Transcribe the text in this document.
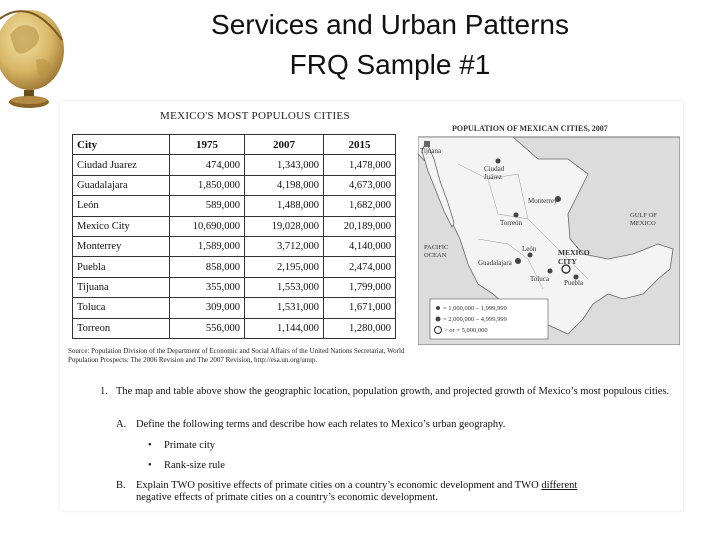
Services and Urban Patterns
FRQ Sample #1
MEXICO'S MOST POPULOUS CITIES
City	1975	2007	2015
Ciudad Juarez	474,000	1,343,000	1,478,000
Guadalajara	1,850,000	4,198,000	4,673,000
León	589,000	1,488,000	1,682,000
Mexico City	10,690,000	19,028,000	20,189,000
Monterrey	1,589,000	3,712,000	4,140,000
Puebla	858,000	2,195,000	2,474,000
Tijuana	355,000	1,553,000	1,799,000
Toluca	309,000	1,531,000	1,671,000
Torreon	556,000	1,144,000	1,280,000
Source: Population Division of the Department of Economic and Social Affairs of the United Nations Secretariat, World Population Prospects: The 2006 Revision and The 2007 Revision, http://esa.un.org/unup.
POPULATION OF MEXICAN CITIES, 2007
Tijuana
Ciudad
Juárez
Monterrey
Torreón
GULF OF
MEXICO
PACIFIC
OCEAN
León
Guadalajara
MEXICO
CITY
Toluca Puebla
= 1,000,000 – 1,999,999
= 2,000,000 – 4,999,999
> or = 5,000,000
1. The map and table above show the geographic location, population growth, and projected growth of Mexico’s most populous cities.
A. Define the following terms and describe how each relates to Mexico’s urban geography.
• Primate city
• Rank-size rule
B. Explain TWO positive effects of primate cities on a country’s economic development and TWO different
negative effects of primate cities on a country’s economic development.
